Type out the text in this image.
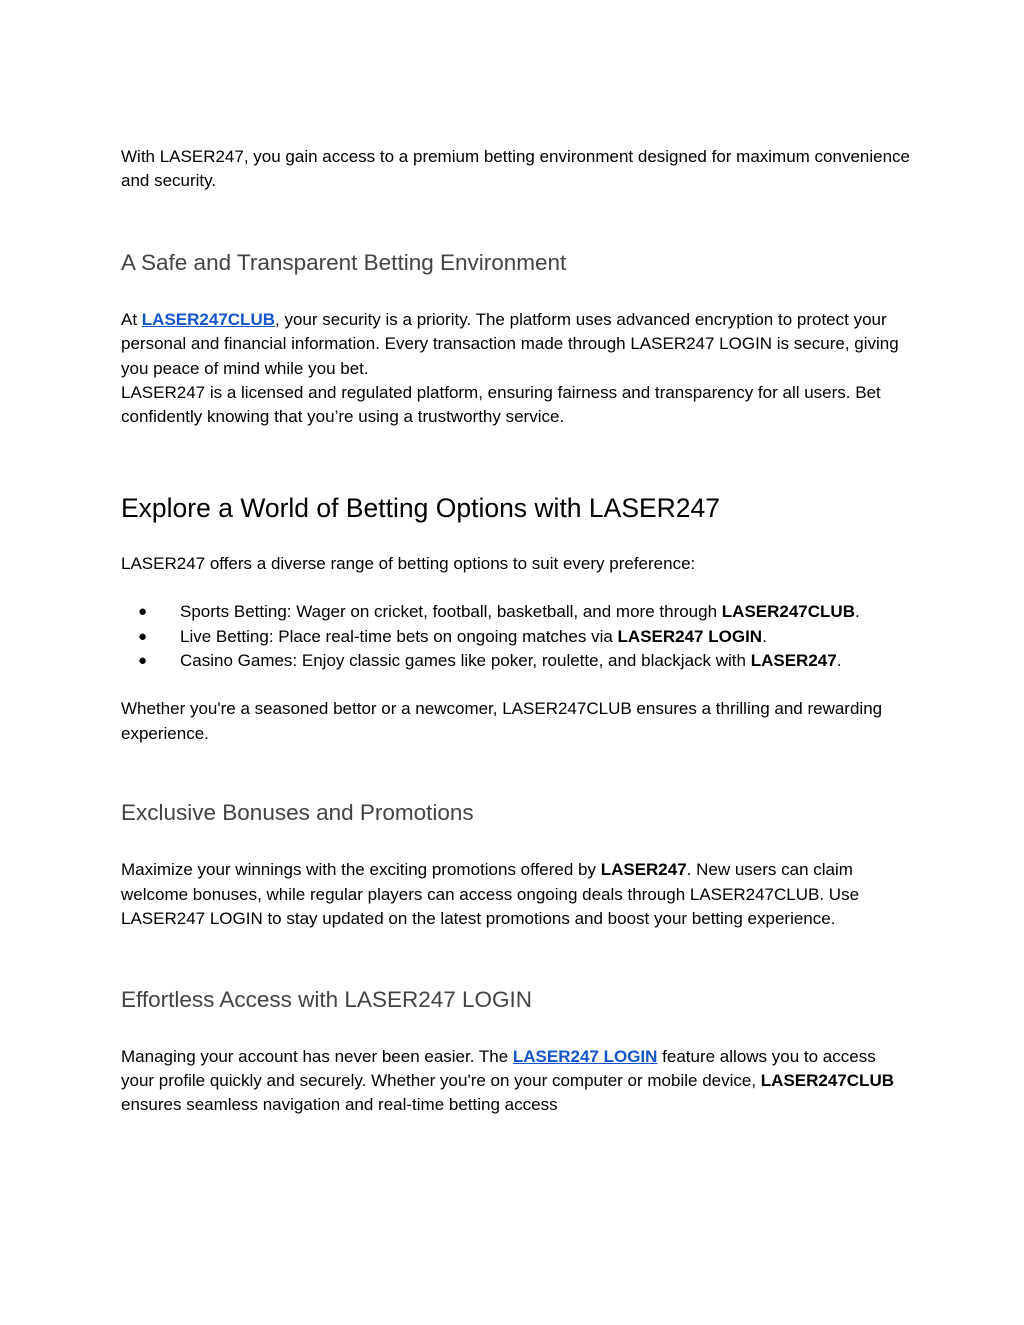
With LASER247, you gain access to a premium betting environment designed for maximum convenience and security.

A Safe and Transparent Betting Environment

At LASER247CLUB, your security is a priority. The platform uses advanced encryption to protect your personal and financial information. Every transaction made through LASER247 LOGIN is secure, giving you peace of mind while you bet.

LASER247 is a licensed and regulated platform, ensuring fairness and transparency for all users. Bet confidently knowing that you’re using a trustworthy service.

Explore a World of Betting Options with LASER247

LASER247 offers a diverse range of betting options to suit every preference:

● Sports Betting: Wager on cricket, football, basketball, and more through LASER247CLUB.
● Live Betting: Place real-time bets on ongoing matches via LASER247 LOGIN.
● Casino Games: Enjoy classic games like poker, roulette, and blackjack with LASER247.

Whether you're a seasoned bettor or a newcomer, LASER247CLUB ensures a thrilling and rewarding experience.

Exclusive Bonuses and Promotions

Maximize your winnings with the exciting promotions offered by LASER247. New users can claim welcome bonuses, while regular players can access ongoing deals through LASER247CLUB. Use LASER247 LOGIN to stay updated on the latest promotions and boost your betting experience.

Effortless Access with LASER247 LOGIN

Managing your account has never been easier. The LASER247 LOGIN feature allows you to access your profile quickly and securely. Whether you're on your computer or mobile device, LASER247CLUB ensures seamless navigation and real-time betting access
